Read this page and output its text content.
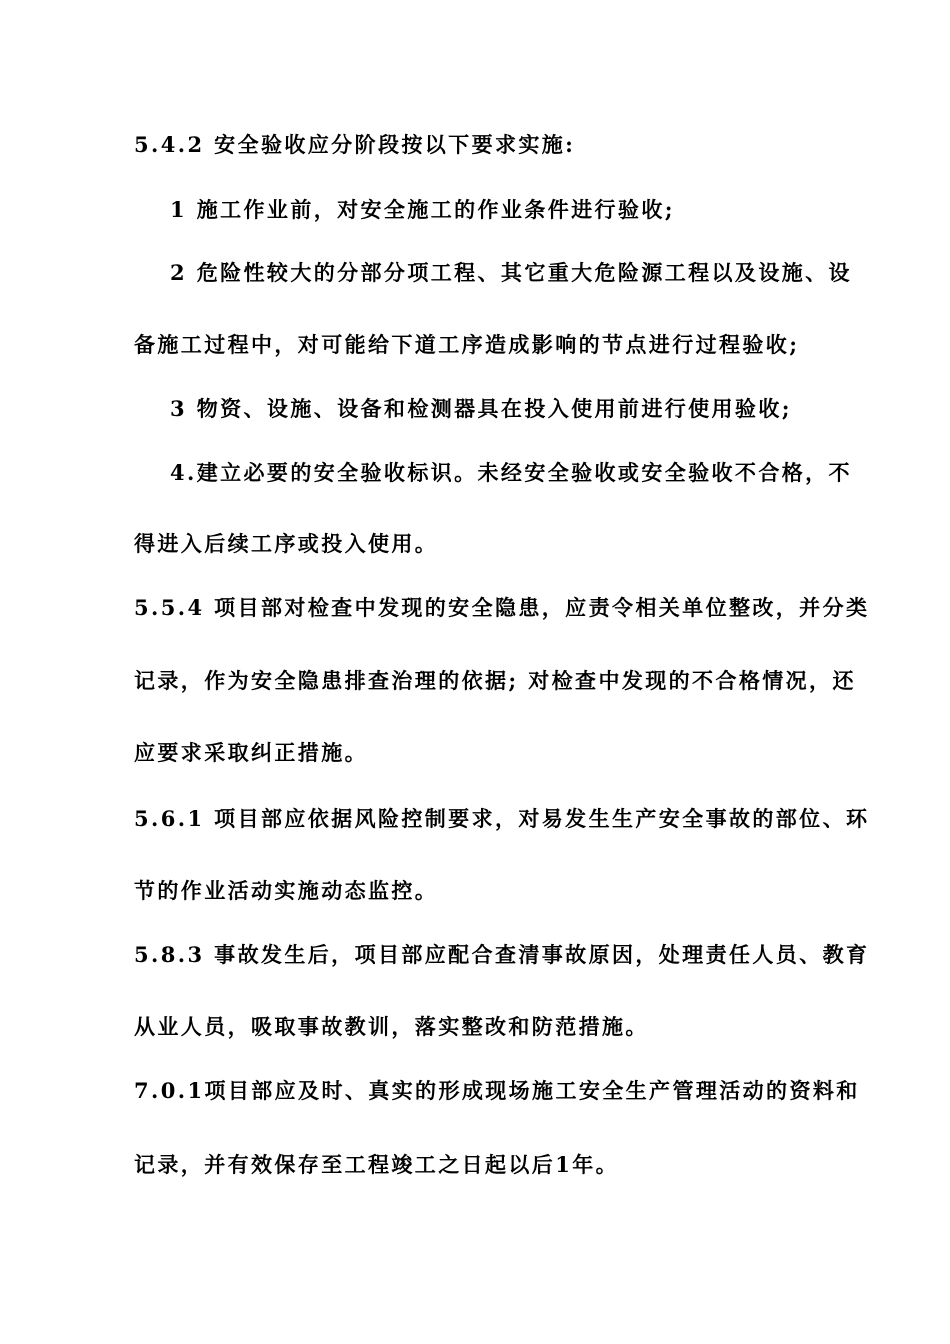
5.4.2 安全验收应分阶段按以下要求实施:
1 施工作业前，对安全施工的作业条件进行验收;
2 危险性较大的分部分项工程、其它重大危险源工程以及设施、设
备施工过程中，对可能给下道工序造成影响的节点进行过程验收;
3 物资、设施、设备和检测器具在投入使用前进行使用验收;
4.建立必要的安全验收标识。未经安全验收或安全验收不合格，不
得进入后续工序或投入使用。
5.5.4 项目部对检查中发现的安全隐患，应责令相关单位整改，并分类
记录，作为安全隐患排查治理的依据; 对检查中发现的不合格情况，还
应要求采取纠正措施。
5.6.1 项目部应依据风险控制要求，对易发生生产安全事故的部位、环
节的作业活动实施动态监控。
5.8.3 事故发生后，项目部应配合查清事故原因，处理责任人员、教育
从业人员，吸取事故教训，落实整改和防范措施。
7.0.1项目部应及时、真实的形成现场施工安全生产管理活动的资料和
记录，并有效保存至工程竣工之日起以后1年。
